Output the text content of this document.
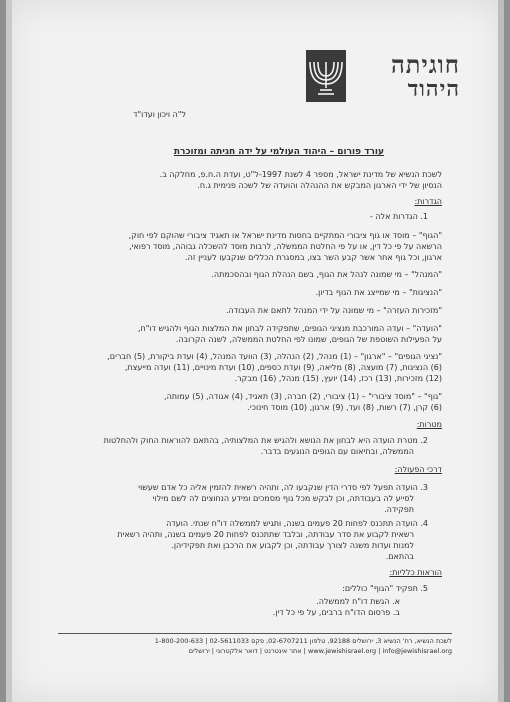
חוגיתה
היהוד
ל"ה ויכון ועדו"ד
עורד פורום – היהוד העולמי על ידה חגיתה ומזוכרת
לשכת הנשיא של מדינת ישראל, מספר 4 לשנת 1997-ל"ט, ועדת ה.ח.פ, מחלקה ב.
הנסיון של ידי הארגון המבקש את ההנהלה והועדה של לשכה פנימית ג.ח.
הגדרות:
1. הגדרות אלה -
"הגוף" – מוסד או גוף ציבורי המתקיים בחסות מדינת ישראל או תאגיד ציבורי שהוקם לפי חוק,
הרשאה על פי כל דין, או על פי החלטת הממשלה, לרבות מוסד להשכלה גבוהה, מוסד רפואי,
ארגון, וכל גוף אחר אשר קבע השר בצו, במסגרת הכללים שנקבעו לעניין זה.
"המנהל" – מי שמונה לנהל את הגוף, בשם הנהלת הגוף ובהסכמתה.
"הנציגות" – מי שמייצג את הגוף בדיון.
"מזכירות העזרה" – מי שמונה על ידי המנהל לתאם את העבודה.
"הועדה" – ועדה המורכבת מנציגי הגופים, שתפקידה לבחון את המלצות הגוף ולהגיש דו"ח,
על הפעילות השוטפת של הגופים, שמונו לפי החלטת הממשלה, לשנה הקרובה.
"נציגי הגופים" – "ארגון" – (1) מנהל, (2) הנהלה, (3) הוועד המנהל, (4) ועדת ביקורת, (5) חברים,
(6) הנציגות, (7) מועצה, (8) מליאה, (9) ועדת כספים, (10) ועדת מינויים, (11) ועדה מייעצת,
(12) מזכירות, (13) רכז, (14) יועץ, (15) מנהל, (16) מבקר.
"גוף" – "מוסד ציבורי" – (1) ציבורי, (2) חברה, (3) תאגיד, (4) אגודה, (5) עמותה,
(6) קרן, (7) רשות, (8) ועד, (9) ארגון, (10) מוסד חינוכי.
מטרות:
2. מטרת הועדה היא לבחון את הנושא ולהגיש את המלצותיה, בהתאם להוראות החוק ולהחלטות
הממשלה, ובתיאום עם הגופים הנוגעים בדבר.
דרכי הפעולה:
3. הועדה תפעל לפי סדרי הדין שנקבעו לה, ותהיה רשאית להזמין אליה כל אדם שעשוי
לסייע לה בעבודתה, וכן לבקש מכל גוף מסמכים ומידע הנחוצים לה לשם מילוי
תפקידה.
4. הועדה תתכנס לפחות 20 פעמים בשנה, ותגיש לממשלה דו"ח שנתי. הועדה
רשאית לקבוע את סדר עבודתה, ובלבד שתתכנס לפחות 20 פעמים בשנה, ותהיה רשאית
למנות ועדות משנה לצורך עבודתה, וכן לקבוע את הרכבן ואת תפקידיהן.
בהתאם.
הוראות כלליות:
5. תפקיד "הגוף" כוללים:
א. הגשת דו"ח לממשלה.
ב. פרסום הדו"ח ברבים, על פי כל דין.
לשכת הנשיא, רח' הנשיא 3, ירושלים 92188, טלפון 02-6707211, פקס 02-5611033 | 1-800-200-633
www.jewishisrael.org | info@jewishisrael.org | אתר אינטרנט | דואר אלקטרוני | ירושלים
